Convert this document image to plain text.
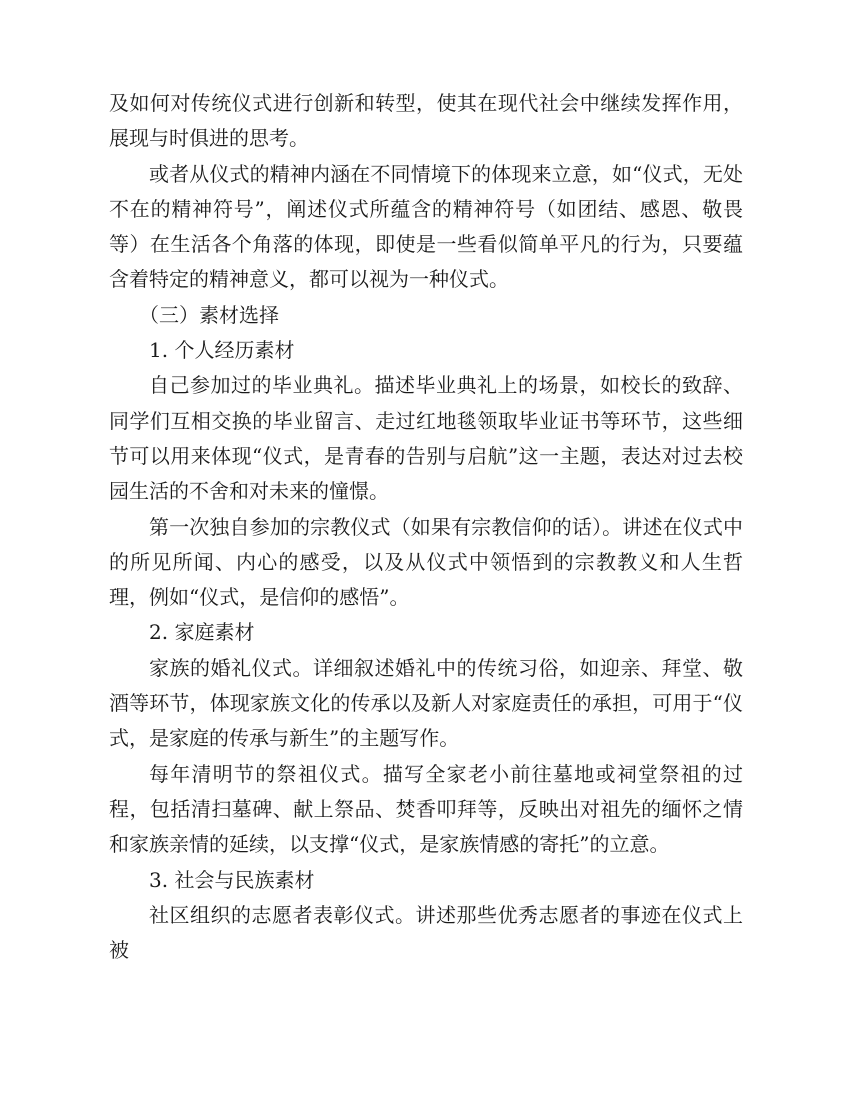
及如何对传统仪式进行创新和转型，使其在现代社会中继续发挥作用，展现与时俱进的思考。

或者从仪式的精神内涵在不同情境下的体现来立意，如“仪式，无处不在的精神符号”，阐述仪式所蕴含的精神符号（如团结、感恩、敬畏等）在生活各个角落的体现，即使是一些看似简单平凡的行为，只要蕴含着特定的精神意义，都可以视为一种仪式。

（三）素材选择

1. 个人经历素材

自己参加过的毕业典礼。描述毕业典礼上的场景，如校长的致辞、同学们互相交换的毕业留言、走过红地毯领取毕业证书等环节，这些细节可以用来体现“仪式，是青春的告别与启航”这一主题，表达对过去校园生活的不舍和对未来的憧憬。

第一次独自参加的宗教仪式（如果有宗教信仰的话）。讲述在仪式中的所见所闻、内心的感受，以及从仪式中领悟到的宗教教义和人生哲理，例如“仪式，是信仰的感悟”。

2. 家庭素材

家族的婚礼仪式。详细叙述婚礼中的传统习俗，如迎亲、拜堂、敬酒等环节，体现家族文化的传承以及新人对家庭责任的承担，可用于“仪式，是家庭的传承与新生”的主题写作。

每年清明节的祭祖仪式。描写全家老小前往墓地或祠堂祭祖的过程，包括清扫墓碑、献上祭品、焚香叩拜等，反映出对祖先的缅怀之情和家族亲情的延续，以支撑“仪式，是家族情感的寄托”的立意。

3. 社会与民族素材

社区组织的志愿者表彰仪式。讲述那些优秀志愿者的事迹在仪式上被
